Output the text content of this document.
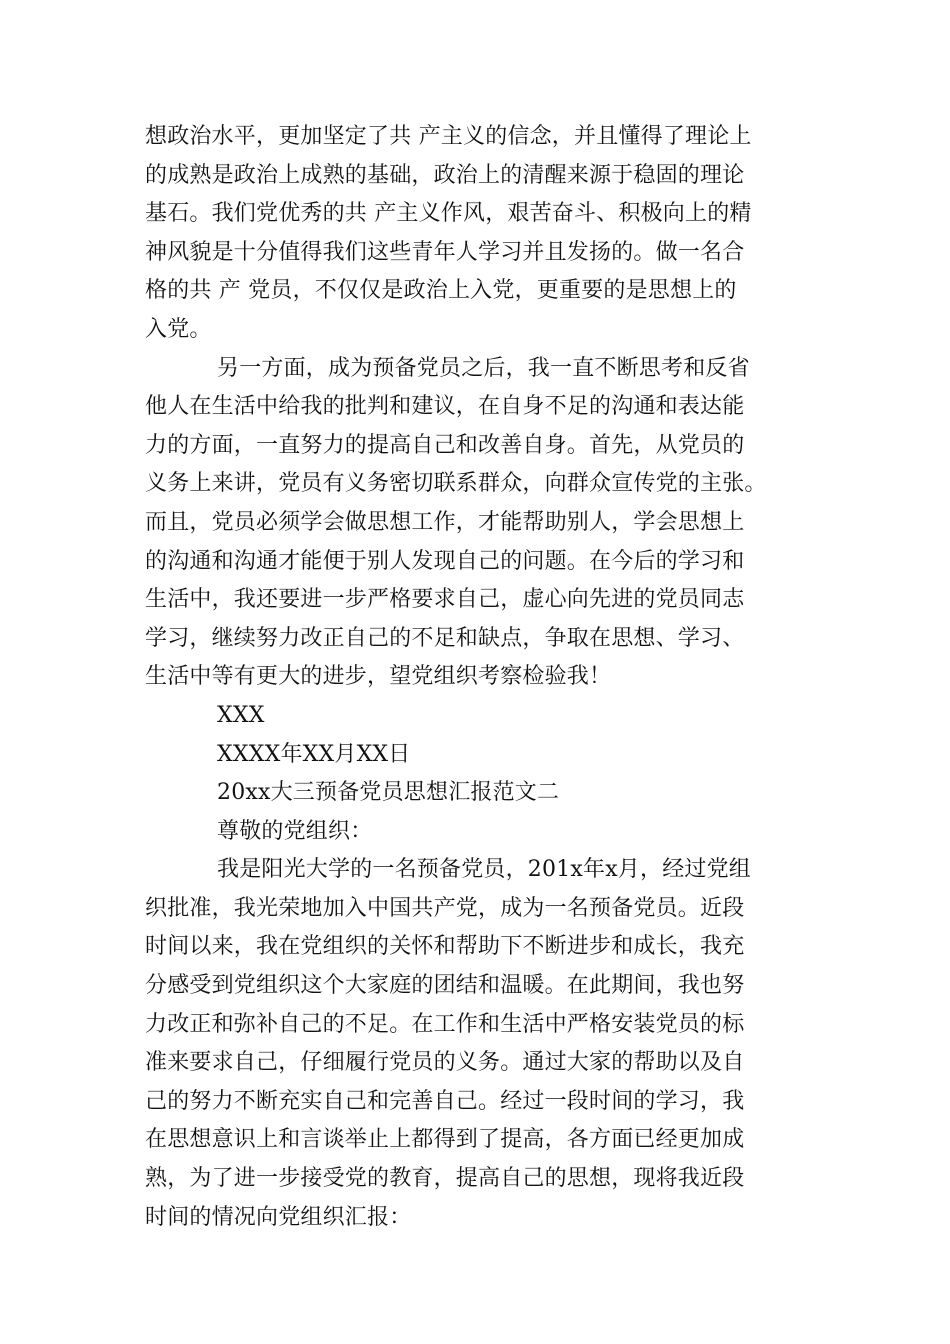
想政治水平，更加坚定了共 产主义的信念，并且懂得了理论上
的成熟是政治上成熟的基础，政治上的清醒来源于稳固的理论
基石。我们党优秀的共 产主义作风，艰苦奋斗、积极向上的精
神风貌是十分值得我们这些青年人学习并且发扬的。做一名合
格的共 产 党员，不仅仅是政治上入党，更重要的是思想上的
入党。
另一方面，成为预备党员之后，我一直不断思考和反省
他人在生活中给我的批判和建议，在自身不足的沟通和表达能
力的方面，一直努力的提高自己和改善自身。首先，从党员的
义务上来讲，党员有义务密切联系群众，向群众宣传党的主张。
而且，党员必须学会做思想工作，才能帮助别人，学会思想上
的沟通和沟通才能便于别人发现自己的问题。在今后的学习和
生活中，我还要进一步严格要求自己，虚心向先进的党员同志
学习，继续努力改正自己的不足和缺点，争取在思想、学习、
生活中等有更大的进步，望党组织考察检验我！
XXX
XXXX年XX月XX日
20xx大三预备党员思想汇报范文二
尊敬的党组织：
我是阳光大学的一名预备党员，201x年x月，经过党组
织批准，我光荣地加入中国共产党，成为一名预备党员。近段
时间以来，我在党组织的关怀和帮助下不断进步和成长，我充
分感受到党组织这个大家庭的团结和温暖。在此期间，我也努
力改正和弥补自己的不足。在工作和生活中严格安装党员的标
准来要求自己，仔细履行党员的义务。通过大家的帮助以及自
己的努力不断充实自己和完善自己。经过一段时间的学习，我
在思想意识上和言谈举止上都得到了提高，各方面已经更加成
熟，为了进一步接受党的教育，提高自己的思想，现将我近段
时间的情况向党组织汇报：
